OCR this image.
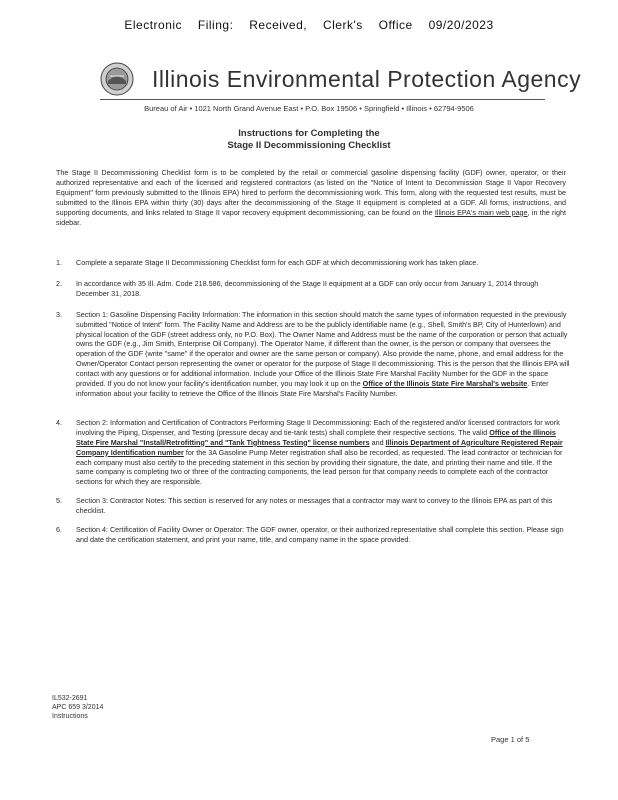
Electronic Filing: Received, Clerk's Office 09/20/2023
Illinois Environmental Protection Agency
Bureau of Air • 1021 North Grand Avenue East • P.O. Box 19506 • Springfield • Illinois • 62794-9506
Instructions for Completing the
Stage II Decommissioning Checklist
The Stage II Decommissioning Checklist form is to be completed by the retail or commercial gasoline dispensing facility (GDF) owner, operator, or their authorized representative and each of the licensed and registered contractors (as listed on the "Notice of Intent to Decommission Stage II Vapor Recovery Equipment" form previously submitted to the Illinois EPA) hired to perform the decommissioning work. This form, along with the requested test results, must be submitted to the Illinois EPA within thirty (30) days after the decommissioning of the Stage II equipment is completed at a GDF. All forms, instructions, and supporting documents, and links related to Stage II vapor recovery equipment decommissioning, can be found on the Illinois EPA's main web page, in the right sidebar.
1.	Complete a separate Stage II Decommissioning Checklist form for each GDF at which decommissioning work has taken place.
2.	In accordance with 35 Ill. Adm. Code 218.586, decommissioning of the Stage II equipment at a GDF can only occur from January 1, 2014 through December 31, 2018.
3.	Section 1: Gasoline Dispensing Facility Information: The information in this section should match the same types of information requested in the previously submitted "Notice of Intent" form. The Facility Name and Address are to be the publicly identifiable name (e.g., Shell, Smith's BP, City of Hunterlown) and physical location of the GDF (street address only, no P.O. Box). The Owner Name and Address must be the name of the corporation or person that actually owns the GDF (e.g., Jim Smith, Enterprise Oil Company). The Operator Name, if different than the owner, is the person or company that oversees the operation of the GDF (write "same" if the operator and owner are the same person or company). Also provide the name, phone, and email address for the Owner/Operator Contact person representing the owner or operator for the purpose of Stage II decommissioning. This is the person that the Illinois EPA will contact with any questions or for additional information. Include your Office of the Illinois State Fire Marshal Facility Number for the GDF in the space provided. If you do not know your facility's identification number, you may look it up on the Office of the Illinois State Fire Marshal's website. Enter information about your facility to retrieve the Office of the Illinois State Fire Marshal's Facility Number.
4.	Section 2: Information and Certification of Contractors Performing Stage II Decommissioning: Each of the registered and/or licensed contractors for work involving the Piping, Dispenser, and Testing (pressure decay and tie-tank tests) shall complete their respective sections. The valid Office of the Illinois State Fire Marshal "Install/Retrofitting" and "Tank Tightness Testing" license numbers and Illinois Department of Agriculture Registered Repair Company Identification number for the 3A Gasoline Pump Meter registration shall also be recorded, as requested. The lead contractor or technician for each company must also certify to the preceding statement in this section by providing their signature, the date, and printing their name and title. If the same company is completing two or three of the contracting components, the lead person for that company needs to complete each of the contractor sections for which they are responsible.
5.	Section 3: Contractor Notes: This section is reserved for any notes or messages that a contractor may want to convey to the Illinois EPA as part of this checklist.
6.	Section 4: Certification of Facility Owner or Operator: The GDF owner, operator, or their authorized representative shall complete this section. Please sign and date the certification statement, and print your name, title, and company name in the space provided.
IL532-2691
APC 659 3/2014
Instructions
Page 1 of 5
